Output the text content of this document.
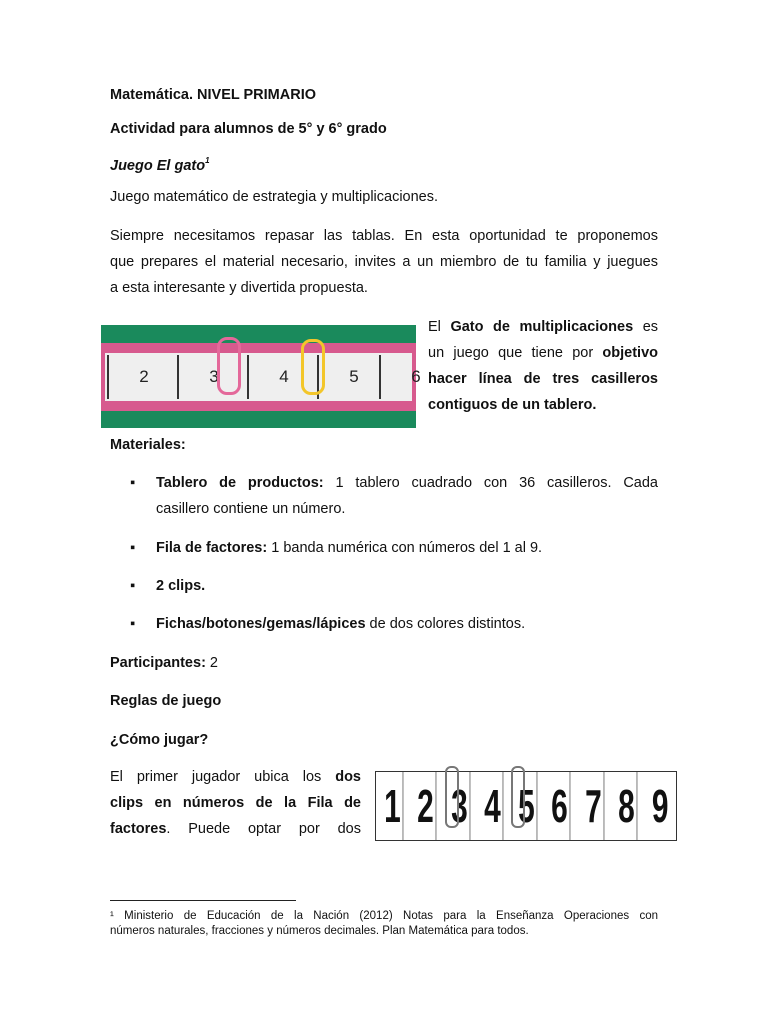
Matemática. NIVEL PRIMARIO
Actividad para alumnos de 5° y 6° grado
Juego El gato$^1$
Juego matemático de estrategia y multiplicaciones.
Siempre necesitamos repasar las tablas. En esta oportunidad te proponemos
que prepares el material necesario, invites a un miembro de tu familia y juegues
a esta interesante y divertida propuesta.
2	3	4	5	6
El Gato de multiplicaciones es
un juego que tiene por objetivo
hacer línea de tres casilleros
contiguos de un tablero.
Materiales:
▪ Tablero de productos: 1 tablero cuadrado con 36 casilleros. Cada
casillero contiene un número.
▪ Fila de factores: 1 banda numérica con números del 1 al 9.
▪ 2 clips.
▪ Fichas/botones/gemas/lápices de dos colores distintos.
Participantes: 2
Reglas de juego
¿Cómo jugar?
El primer jugador ubica los dos
clips en números de la Fila de
factores. Puede optar por dos 1 2 3 4 5 6 7 8 9
¹ Ministerio de Educación de la Nación (2012) Notas para la Enseñanza Operaciones con
números naturales, fracciones y números decimales. Plan Matemática para todos.
